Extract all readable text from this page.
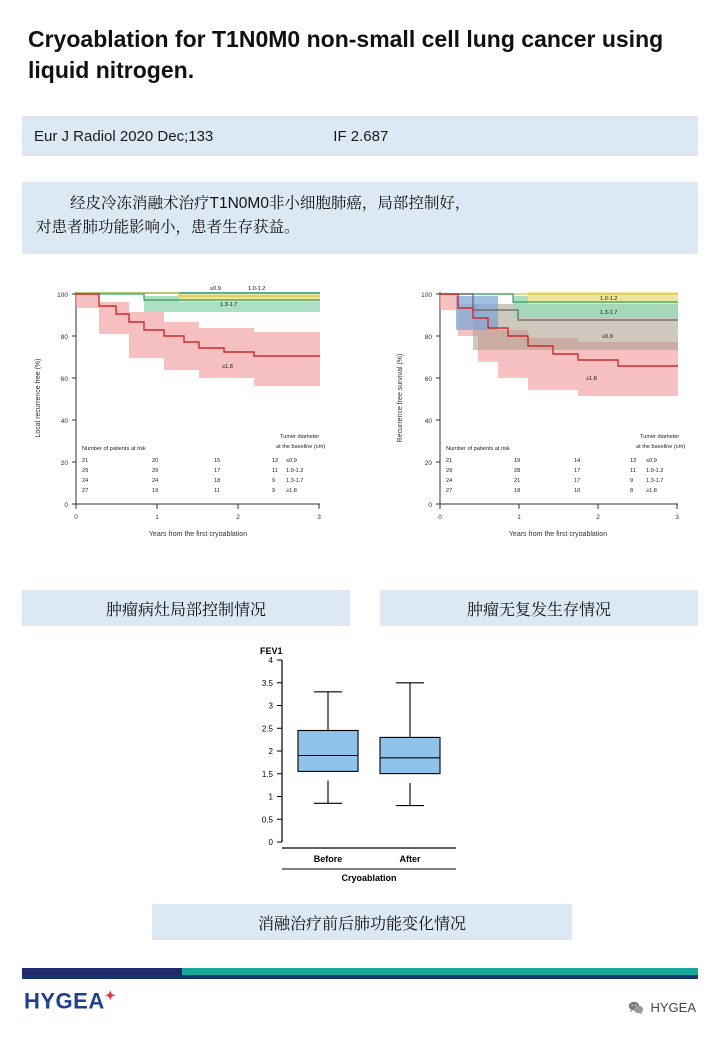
Cryoablation for T1N0M0 non-small cell lung cancer using liquid nitrogen.
Eur J Radiol 2020 Dec;133	IF 2.687
经皮冷冻消融术治疗T1N0M0非小细胞肺癌，局部控制好，
对患者肺功能影响小，患者生存获益。
100
80
60
40
20
0
Local recurrence free (%)
≤0.9	1.0-1.2
1.3-1.7
≥1.8
0	1	2	3
Years from the first cryoablation
Number of patients at risk
21	20	15	12
29	29	17	11
24	24	18	9
27	19	11	9
Tumor diameter
at the baseline (cm)
≤0.9
1.0-1.2
1.3-1.7
≥1.8
100
80
60
40
20
0
Recurrence free survival (%)
1.0-1.2
1.3-1.7
≤0.9
≥1.8
0	1	2	3
Years from the first cryoablation
Number of patients at risk
21	19	14	12
29	28	17	11
24	21	17	9
27	18	10	8
Tumor diameter
at the baseline (cm)
≤0.9
1.0-1.2
1.3-1.7
≥1.8
肿瘤病灶局部控制情况	肿瘤无复发生存情况
FEV1
4
3.5
3
2.5
2
1.5
1
0.5
0
Before	After
Cryoablation
消融治疗前后肺功能变化情况
HYGEA✦
HYGEA
